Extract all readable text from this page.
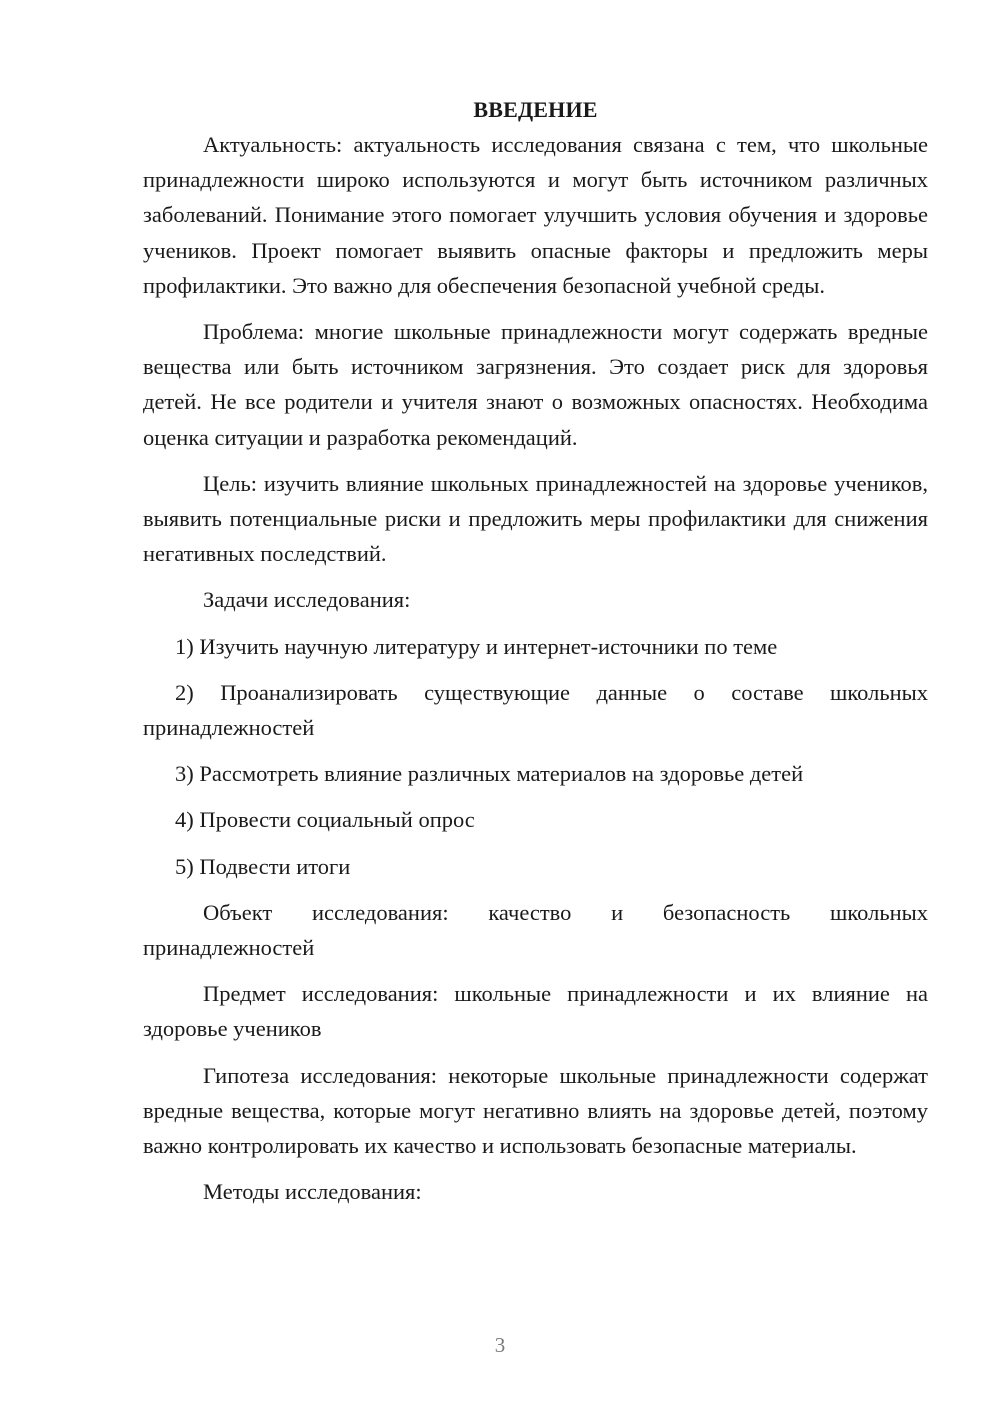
ВВЕДЕНИЕ

Актуальность: актуальность исследования связана с тем, что школьные принадлежности широко используются и могут быть источником различных заболеваний. Понимание этого помогает улучшить условия обучения и здоровье учеников. Проект помогает выявить опасные факторы и предложить меры профилактики. Это важно для обеспечения безопасной учебной среды.

Проблема: многие школьные принадлежности могут содержать вредные вещества или быть источником загрязнения. Это создает риск для здоровья детей. Не все родители и учителя знают о возможных опасностях. Необходима оценка ситуации и разработка рекомендаций.

Цель: изучить влияние школьных принадлежностей на здоровье учеников, выявить потенциальные риски и предложить меры профилактики для снижения негативных последствий.

Задачи исследования:

1) Изучить научную литературу и интернет-источники по теме

2) Проанализировать существующие данные о составе школьных принадлежностей

3) Рассмотреть влияние различных материалов на здоровье детей

4) Провести социальный опрос

5) Подвести итоги

Объект исследования: качество и безопасность школьных принадлежностей

Предмет исследования: школьные принадлежности и их влияние на здоровье учеников

Гипотеза исследования: некоторые школьные принадлежности содержат вредные вещества, которые могут негативно влиять на здоровье детей, поэтому важно контролировать их качество и использовать безопасные материалы.

Методы исследования:

3
